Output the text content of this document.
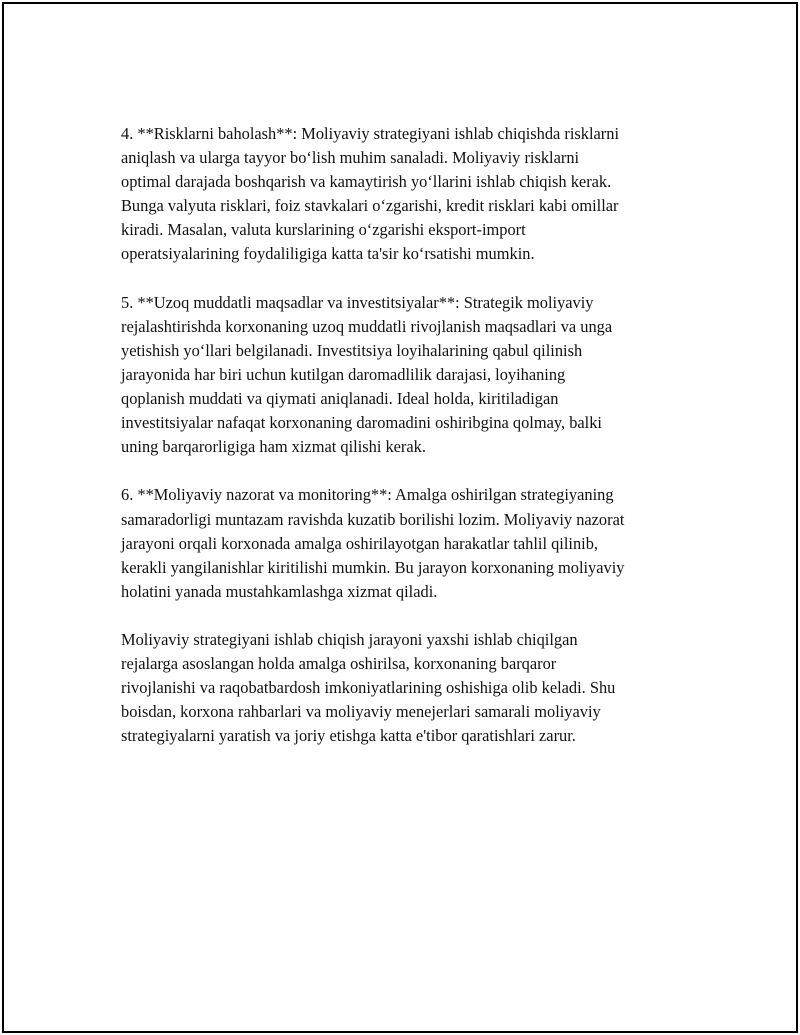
4. **Risklarni baholash**: Moliyaviy strategiyani ishlab chiqishda risklarni
aniqlash va ularga tayyor bo‘lish muhim sanaladi. Moliyaviy risklarni
optimal darajada boshqarish va kamaytirish yo‘llarini ishlab chiqish kerak.
Bunga valyuta risklari, foiz stavkalari o‘zgarishi, kredit risklari kabi omillar
kiradi. Masalan, valuta kurslarining o‘zgarishi eksport-import
operatsiyalarining foydaliligiga katta ta'sir ko‘rsatishi mumkin.

5. **Uzoq muddatli maqsadlar va investitsiyalar**: Strategik moliyaviy
rejalashtirishda korxonaning uzoq muddatli rivojlanish maqsadlari va unga
yetishish yo‘llari belgilanadi. Investitsiya loyihalarining qabul qilinish
jarayonida har biri uchun kutilgan daromadlilik darajasi, loyihaning
qoplanish muddati va qiymati aniqlanadi. Ideal holda, kiritiladigan
investitsiyalar nafaqat korxonaning daromadini oshiribgina qolmay, balki
uning barqarorligiga ham xizmat qilishi kerak.

6. **Moliyaviy nazorat va monitoring**: Amalga oshirilgan strategiyaning
samaradorligi muntazam ravishda kuzatib borilishi lozim. Moliyaviy nazorat
jarayoni orqali korxonada amalga oshirilayotgan harakatlar tahlil qilinib,
kerakli yangilanishlar kiritilishi mumkin. Bu jarayon korxonaning moliyaviy
holatini yanada mustahkamlashga xizmat qiladi.

Moliyaviy strategiyani ishlab chiqish jarayoni yaxshi ishlab chiqilgan
rejalarga asoslangan holda amalga oshirilsa, korxonaning barqaror
rivojlanishi va raqobatbardosh imkoniyatlarining oshishiga olib keladi. Shu
boisdan, korxona rahbarlari va moliyaviy menejerlari samarali moliyaviy
strategiyalarni yaratish va joriy etishga katta e'tibor qaratishlari zarur.
